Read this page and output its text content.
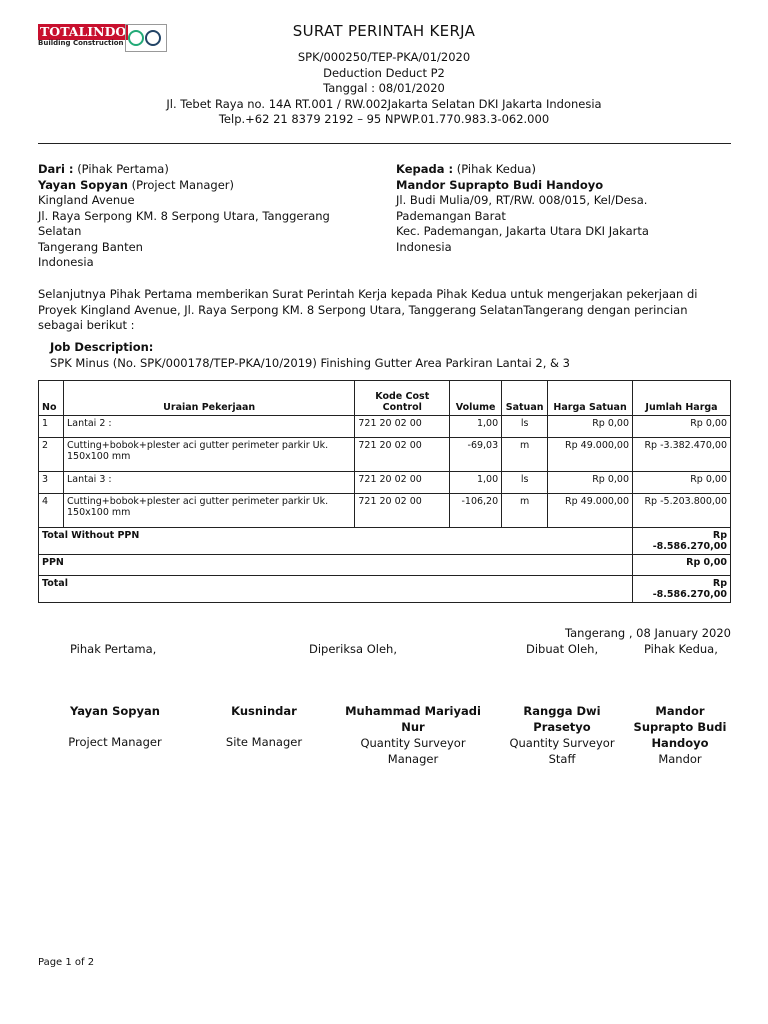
TOTALINDO
Building Construction
SURAT PERINTAH KERJA
SPK/000250/TEP-PKA/01/2020
Deduction Deduct P2
Tanggal : 08/01/2020
Jl. Tebet Raya no. 14A RT.001 / RW.002Jakarta Selatan DKI Jakarta Indonesia
Telp.+62 21 8379 2192 – 95 NPWP.01.770.983.3-062.000
Dari : (Pihak Pertama)
Yayan Sopyan (Project Manager)
Kingland Avenue
Jl. Raya Serpong KM. 8 Serpong Utara, Tanggerang
Selatan
Tangerang Banten
Indonesia
Kepada : (Pihak Kedua)
Mandor Suprapto Budi Handoyo
Jl. Budi Mulia/09, RT/RW. 008/015, Kel/Desa.
Pademangan Barat
Kec. Pademangan, Jakarta Utara DKI Jakarta
Indonesia
Selanjutnya Pihak Pertama memberikan Surat Perintah Kerja kepada Pihak Kedua untuk mengerjakan pekerjaan di
Proyek Kingland Avenue, Jl. Raya Serpong KM. 8 Serpong Utara, Tanggerang SelatanTangerang dengan perincian
sebagai berikut :
Job Description:
SPK Minus (No. SPK/000178/TEP-PKA/10/2019) Finishing Gutter Area Parkiran Lantai 2, & 3
No	Uraian Pekerjaan	Kode Cost Control	Volume	Satuan	Harga Satuan	Jumlah Harga
1	Lantai 2 :	721 20 02 00	1,00	ls	Rp 0,00	Rp 0,00
2	Cutting+bobok+plester aci gutter perimeter parkir Uk. 150x100 mm	721 20 02 00	-69,03	m	Rp 49.000,00	Rp -3.382.470,00
3	Lantai 3 :	721 20 02 00	1,00	ls	Rp 0,00	Rp 0,00
4	Cutting+bobok+plester aci gutter perimeter parkir Uk. 150x100 mm	721 20 02 00	-106,20	m	Rp 49.000,00	Rp -5.203.800,00
Total Without PPN						Rp -8.586.270,00
PPN						Rp 0,00
Total						Rp -8.586.270,00
Tangerang , 08 January 2020
Pihak Pertama,	Diperiksa Oleh,	Dibuat Oleh,	Pihak Kedua,
Yayan Sopyan
Project Manager
Kusnindar
Site Manager
Muhammad Mariyadi Nur
Quantity Surveyor Manager
Rangga Dwi Prasetyo
Quantity Surveyor Staff
Mandor Suprapto Budi Handoyo
Mandor
Page 1 of 2
